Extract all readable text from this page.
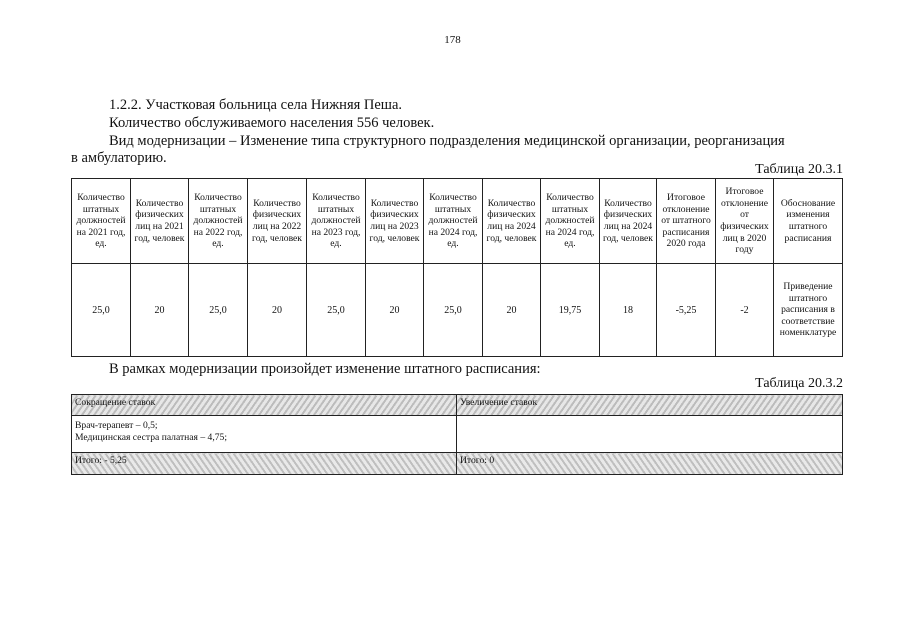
178
1.2.2. Участковая больница села Нижняя Пеша.
Количество обслуживаемого населения 556 человек.
Вид модернизации – Изменение типа структурного подразделения медицинской организации, реорганизация
в амбулаторию.
Таблица 20.3.1
Количество штатных должностей на 2021 год, ед.	Количество физических лиц на 2021 год, человек	Количество штатных должностей на 2022 год, ед.	Количество физических лиц на 2022 год, человек	Количество штатных должностей на 2023 год, ед.	Количество физических лиц на 2023 год, человек	Количество штатных должностей на 2024 год, ед.	Количество физических лиц на 2024 год, человек	Количество штатных должностей на 2024 год, ед.	Количество физических лиц на 2024 год, человек	Итоговое отклонение от штатного расписания 2020 года	Итоговое отклонение от физических лиц в 2020 году	Обоснование изменения штатного расписания
25,0	20	25,0	20	25,0	20	25,0	20	19,75	18	-5,25	-2	Приведение штатного расписания в соответствие номенклатуре
В рамках модернизации произойдет изменение штатного расписания:
Таблица 20.3.2
Сокращение ставок	Увеличение ставок

Врач-терапевт – 0,5;
Медицинская сестра палатная – 4,75;	

Итого: - 5,25	Итого: 0
